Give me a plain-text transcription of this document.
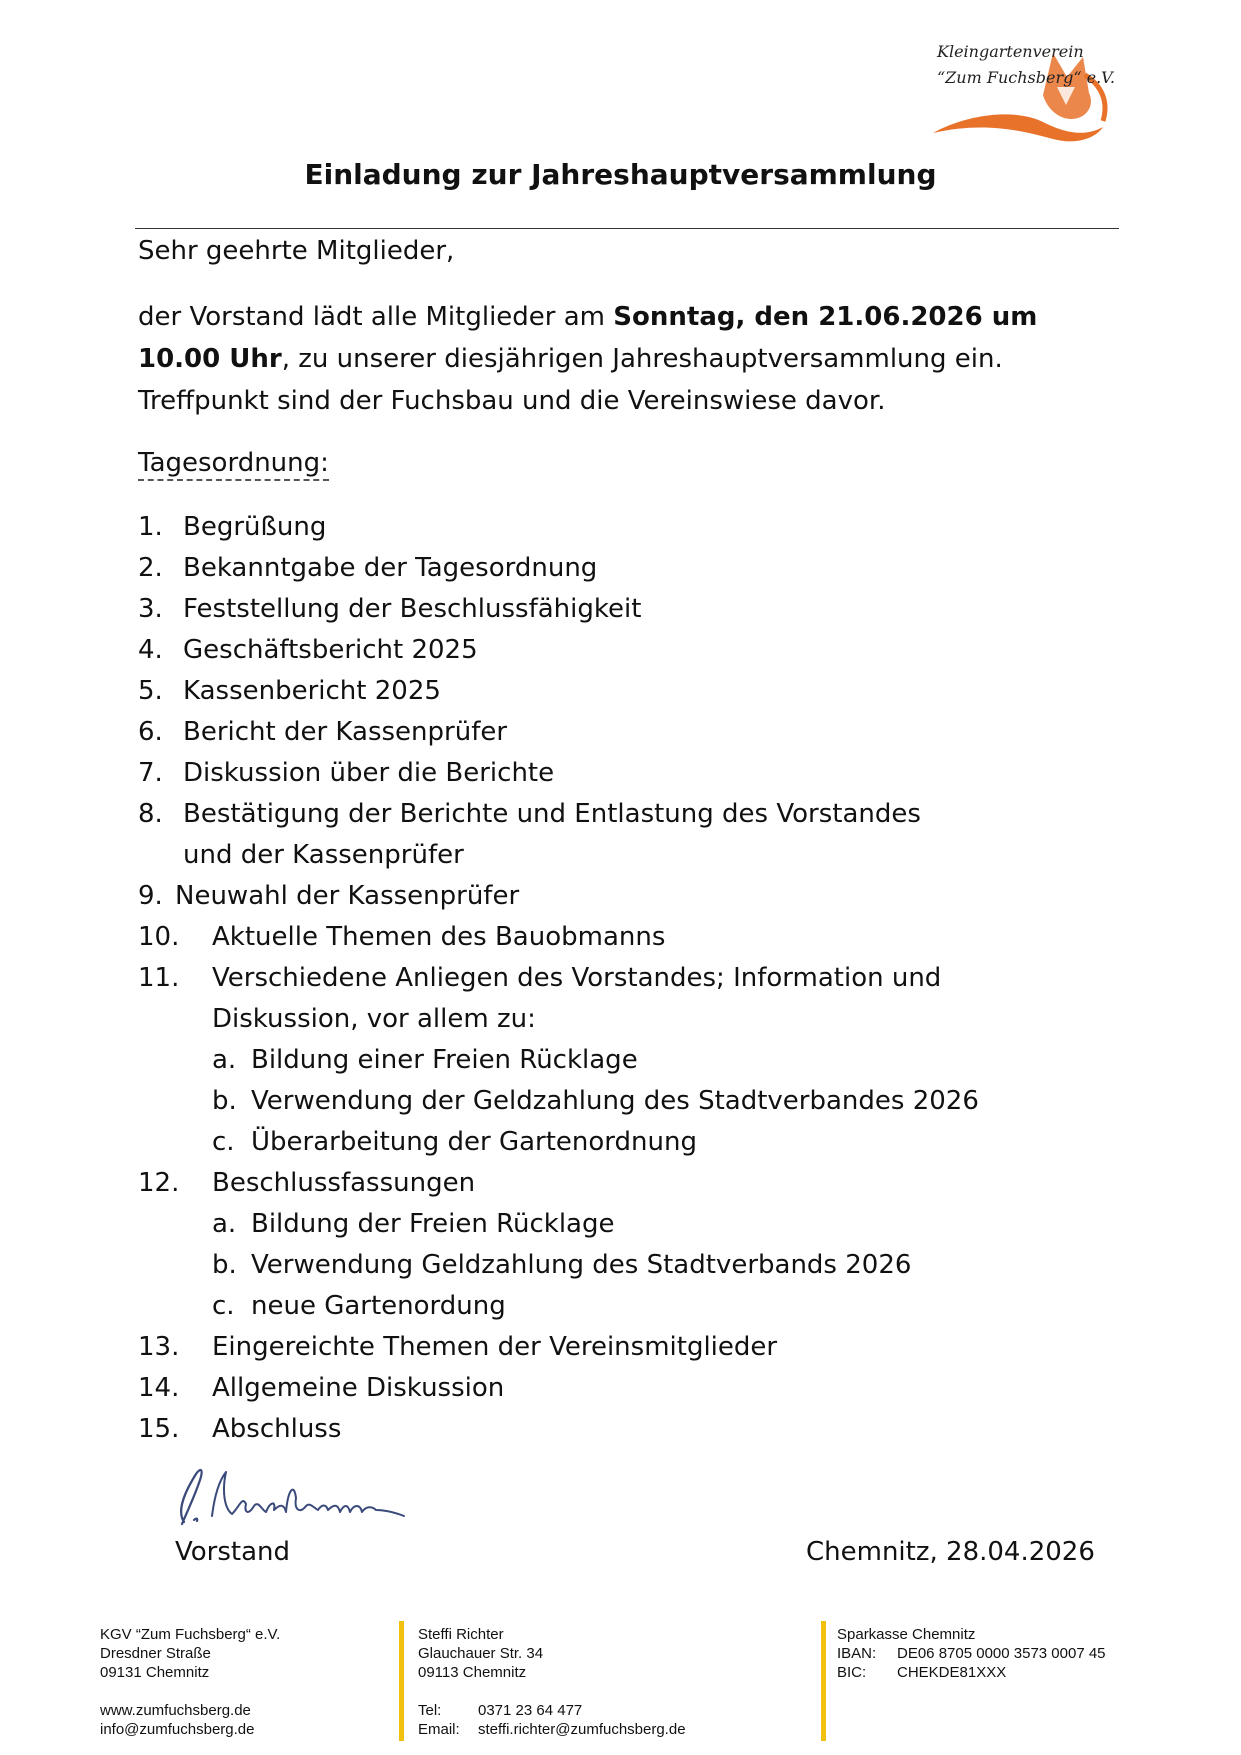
Kleingartenverein
“Zum Fuchsberg“ e.V.
Einladung zur Jahreshauptversammlung
Sehr geehrte Mitglieder,
der Vorstand lädt alle Mitglieder am Sonntag, den 21.06.2026 um
10.00 Uhr, zu unserer diesjährigen Jahreshauptversammlung ein.
Treffpunkt sind der Fuchsbau und die Vereinswiese davor.
Tagesordnung:
1. Begrüßung
2. Bekanntgabe der Tagesordnung
3. Feststellung der Beschlussfähigkeit
4. Geschäftsbericht 2025
5. Kassenbericht 2025
6. Bericht der Kassenprüfer
7. Diskussion über die Berichte
8. Bestätigung der Berichte und Entlastung des Vorstandes
und der Kassenprüfer
9. Neuwahl der Kassenprüfer
10. Aktuelle Themen des Bauobmanns
11. Verschiedene Anliegen des Vorstandes; Information und
Diskussion, vor allem zu:
a. Bildung einer Freien Rücklage
b. Verwendung der Geldzahlung des Stadtverbandes 2026
c. Überarbeitung der Gartenordnung
12. Beschlussfassungen
a. Bildung der Freien Rücklage
b. Verwendung Geldzahlung des Stadtverbands 2026
c. neue Gartenordung
13. Eingereichte Themen der Vereinsmitglieder
14. Allgemeine Diskussion
15. Abschluss
Vorstand	Chemnitz, 28.04.2026
KGV “Zum Fuchsberg“ e.V.
Dresdner Straße
09131 Chemnitz
www.zumfuchsberg.de
info@zumfuchsberg.de
Steffi Richter
Glauchauer Str. 34
09113 Chemnitz
Tel: 0371 23 64 477
Email: steffi.richter@zumfuchsberg.de
Sparkasse Chemnitz
IBAN: DE06 8705 0000 3573 0007 45
BIC: CHEKDE81XXX
